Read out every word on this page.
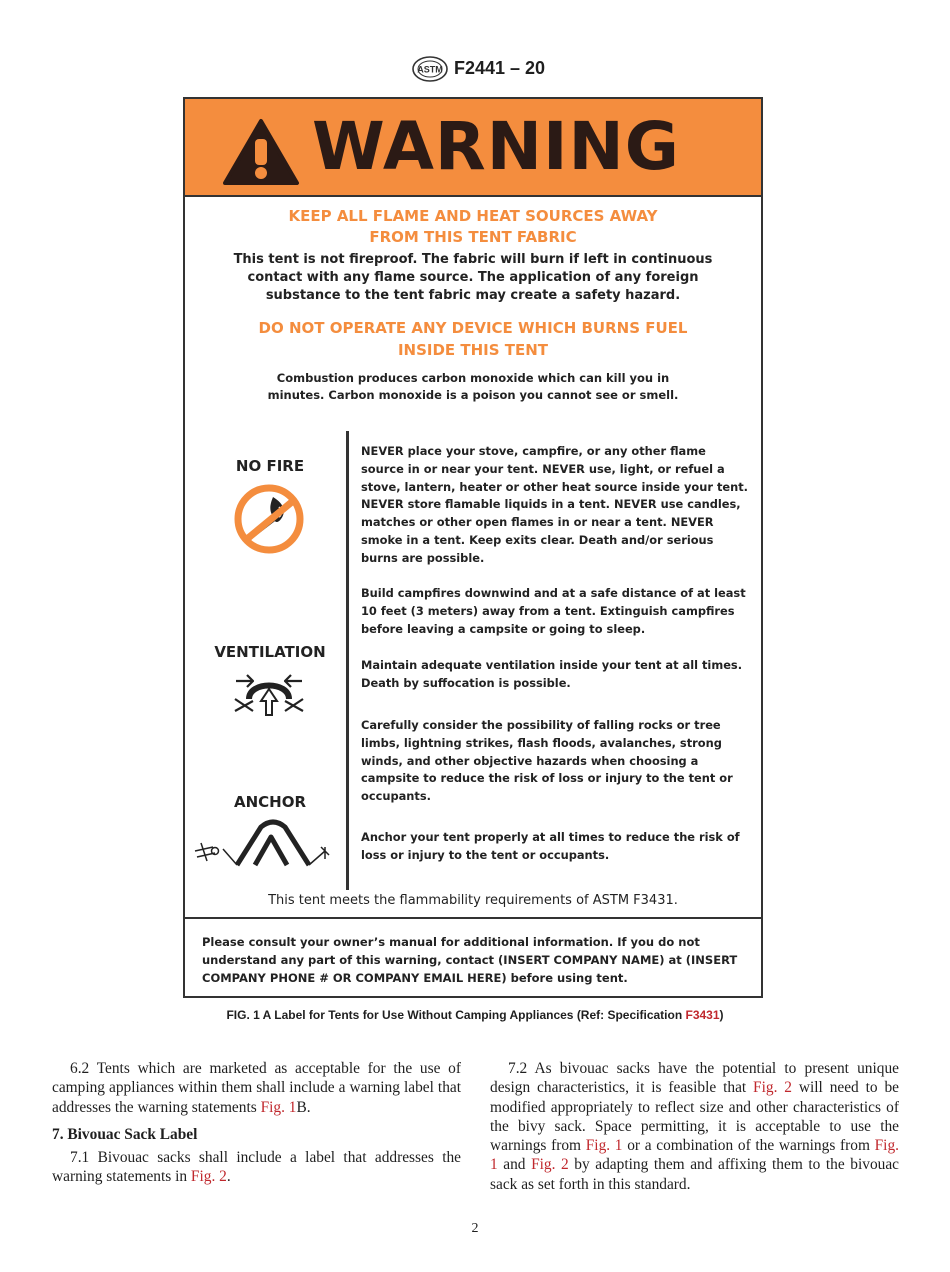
ASTM F2441 – 20
WARNING
KEEP ALL FLAME AND HEAT SOURCES AWAY
FROM THIS TENT FABRIC
This tent is not fireproof. The fabric will burn if left in continuous
contact with any flame source. The application of any foreign
substance to the tent fabric may create a safety hazard.
DO NOT OPERATE ANY DEVICE WHICH BURNS FUEL
INSIDE THIS TENT
Combustion produces carbon monoxide which can kill you in
minutes. Carbon monoxide is a poison you cannot see or smell.
NO FIRE
VENTILATION
ANCHOR
NEVER place your stove, campfire, or any other flame
source in or near your tent. NEVER use, light, or refuel a
stove, lantern, heater or other heat source inside your tent.
NEVER store flamable liquids in a tent. NEVER use candles,
matches or other open flames in or near a tent. NEVER
smoke in a tent. Keep exits clear. Death and/or serious
burns are possible.
Build campfires downwind and at a safe distance of at least
10 feet (3 meters) away from a tent. Extinguish campfires
before leaving a campsite or going to sleep.
Maintain adequate ventilation inside your tent at all times.
Death by suffocation is possible.
Carefully consider the possibility of falling rocks or tree
limbs, lightning strikes, flash floods, avalanches, strong
winds, and other objective hazards when choosing a
campsite to reduce the risk of loss or injury to the tent or
occupants.
Anchor your tent properly at all times to reduce the risk of
loss or injury to the tent or occupants.
This tent meets the flammability requirements of ASTM F3431.
Please consult your owner’s manual for additional information. If you do not
understand any part of this warning, contact (INSERT COMPANY NAME) at (INSERT
COMPANY PHONE # OR COMPANY EMAIL HERE) before using tent.
FIG. 1 A Label for Tents for Use Without Camping Appliances (Ref: Specification F3431)

6.2 Tents which are marketed as acceptable for the use of camping appliances within them shall include a warning label that addresses the warning statements Fig. 1B.

7. Bivouac Sack Label

7.1 Bivouac sacks shall include a label that addresses the warning statements in Fig. 2.

7.2 As bivouac sacks have the potential to present unique design characteristics, it is feasible that Fig. 2 will need to be modified appropriately to reflect size and other characteristics of the bivy sack. Space permitting, it is acceptable to use the warnings from Fig. 1 or a combination of the warnings from Fig. 1 and Fig. 2 by adapting them and affixing them to the bivouac sack as set forth in this standard.

2
